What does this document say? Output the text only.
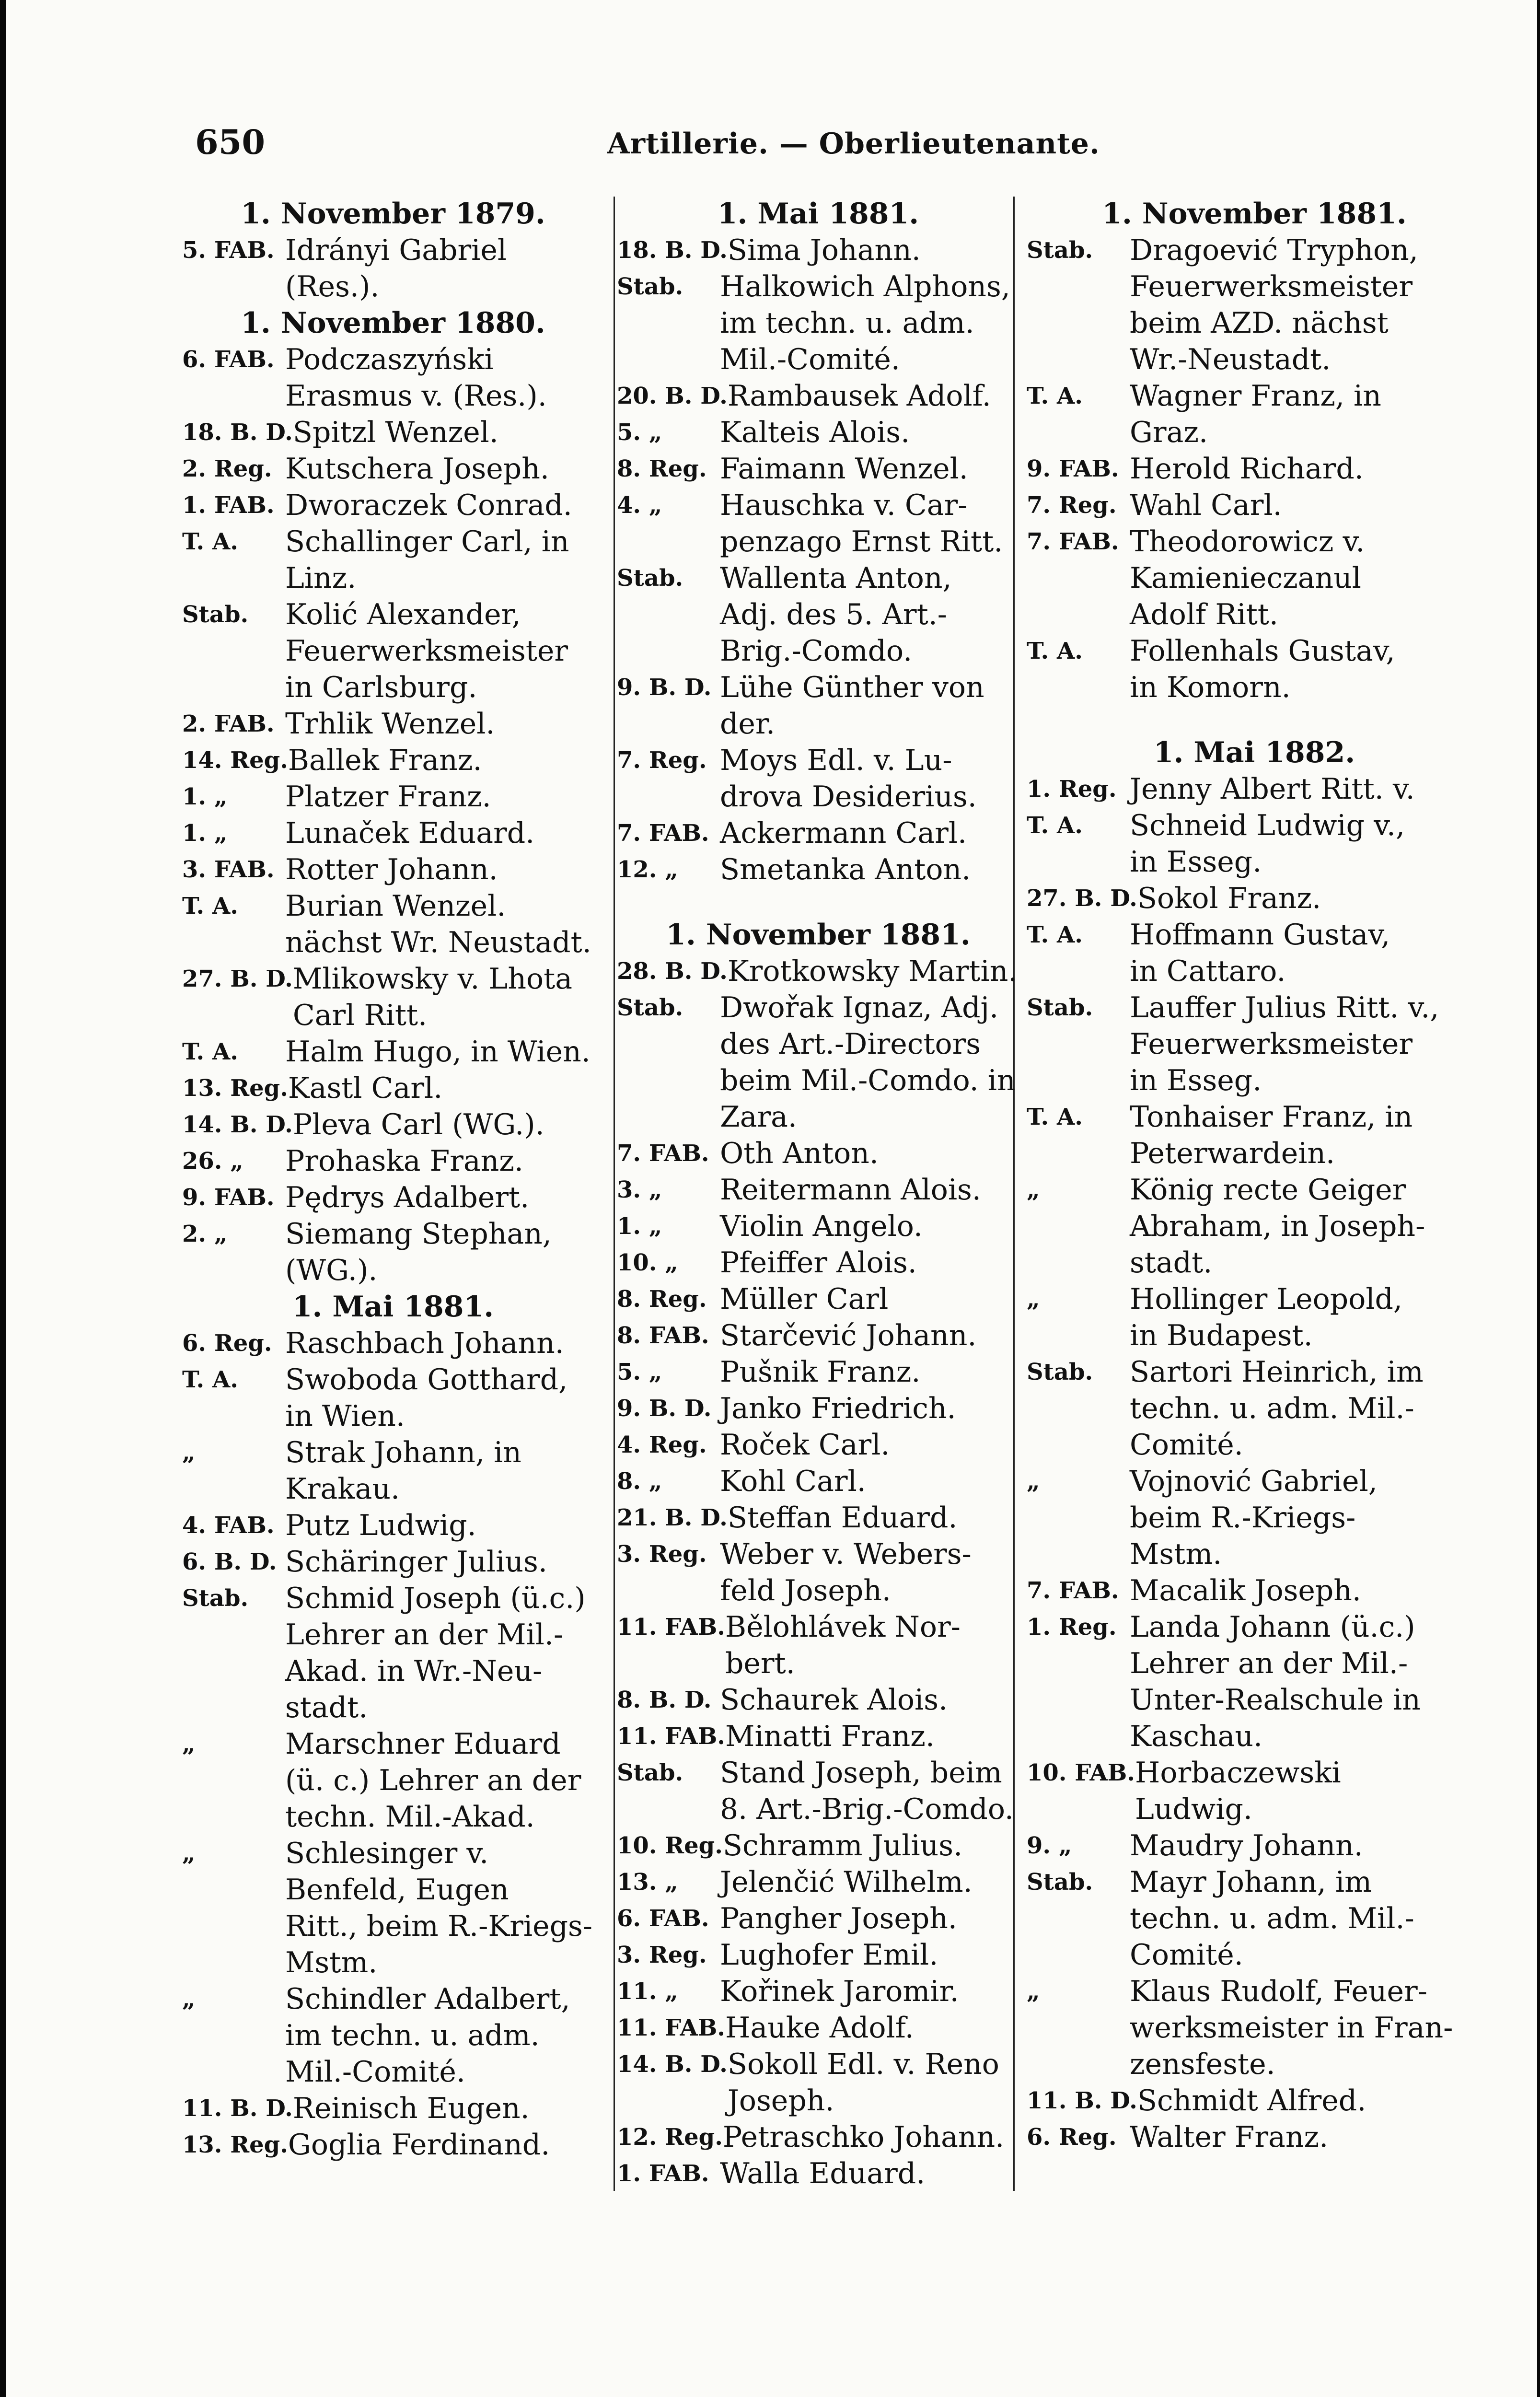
650	Artillerie. — Oberlieutenante.
1. November 1879.
5. FAB. Idrányi Gabriel
(Res.).
1. November 1880.
6. FAB. Podczaszyński
Erasmus v. (Res.).
18. B. D. Spitzl Wenzel.
2. Reg. Kutschera Joseph.
1. FAB. Dworaczek Conrad.
T. A.	Schallinger Carl, in
Linz.
Stab.	Kolić Alexander,
Feuerwerksmeister
in Carlsburg.
2. FAB. Trhlik Wenzel.
14. Reg. Ballek Franz.
1. „	Platzer Franz.
1. „	Lunaček Eduard.
3. FAB. Rotter Johann.
T. A.	Burian Wenzel.
nächst Wr. Neustadt.
27. B. D. Mlikowsky v. Lhota
Carl Ritt.
T. A.	Halm Hugo, in Wien.
13. Reg. Kastl Carl.
14. B. D. Pleva Carl (WG.).
26. „	Prohaska Franz.
9. FAB. Pędrys Adalbert.
2. „	Siemang Stephan,
(WG.).
1. Mai 1881.
6. Reg. Raschbach Johann.
T. A.	Swoboda Gotthard,
in Wien.
„	Strak Johann, in
Krakau.
4. FAB. Putz Ludwig.
6. B. D. Schäringer Julius.
Stab.	Schmid Joseph (ü.c.)
Lehrer an der Mil.-
Akad. in Wr.-Neu-
stadt.
„	Marschner Eduard
(ü. c.) Lehrer an der
techn. Mil.-Akad.
„	Schlesinger v.
Benfeld, Eugen
Ritt., beim R.-Kriegs-
Mstm.
„	Schindler Adalbert,
im techn. u. adm.
Mil.-Comité.
11. B. D. Reinisch Eugen.
13. Reg. Goglia Ferdinand.
1. Mai 1881.
18. B. D. Sima Johann.
Stab.	Halkowich Alphons,
im techn. u. adm.
Mil.-Comité.
20. B. D. Rambausek Adolf.
5. „	Kalteis Alois.
8. Reg. Faimann Wenzel.
4. „	Hauschka v. Car-
penzago Ernst Ritt.
Stab.	Wallenta Anton,
Adj. des 5. Art.-
Brig.-Comdo.
9. B. D. Lühe Günther von
der.
7. Reg. Moys Edl. v. Lu-
drova Desiderius.
7. FAB. Ackermann Carl.
12. „	Smetanka Anton.
1. November 1881.
28. B. D. Krotkowsky Martin.
Stab.	Dwořak Ignaz, Adj.
des Art.-Directors
beim Mil.-Comdo. in
Zara.
7. FAB. Oth Anton.
3. „	Reitermann Alois.
1. „	Violin Angelo.
10. „	Pfeiffer Alois.
8. Reg. Müller Carl
8. FAB. Starčević Johann.
5. „	Pušnik Franz.
9. B. D. Janko Friedrich.
4. Reg. Roček Carl.
8. „	Kohl Carl.
21. B. D. Steffan Eduard.
3. Reg. Weber v. Webers-
feld Joseph.
11. FAB. Bělohlávek Nor-
bert.
8. B. D. Schaurek Alois.
11. FAB. Minatti Franz.
Stab.	Stand Joseph, beim
8. Art.-Brig.-Comdo.
10. Reg. Schramm Julius.
13. „	Jelenčić Wilhelm.
6. FAB. Pangher Joseph.
3. Reg. Lughofer Emil.
11. „	Kořinek Jaromir.
11. FAB. Hauke Adolf.
14. B. D. Sokoll Edl. v. Reno
Joseph.
12. Reg. Petraschko Johann.
1. FAB. Walla Eduard.
1. November 1881.
Stab.	Dragoević Tryphon,
Feuerwerksmeister
beim AZD. nächst
Wr.-Neustadt.
T. A.	Wagner Franz, in
Graz.
9. FAB. Herold Richard.
7. Reg. Wahl Carl.
7. FAB. Theodorowicz v.
Kamienieczanul
Adolf Ritt.
T. A.	Follenhals Gustav,
in Komorn.
1. Mai 1882.
1. Reg. Jenny Albert Ritt. v.
T. A.	Schneid Ludwig v.,
in Esseg.
27. B. D. Sokol Franz.
T. A.	Hoffmann Gustav,
in Cattaro.
Stab.	Lauffer Julius Ritt. v.,
Feuerwerksmeister
in Esseg.
T. A.	Tonhaiser Franz, in
Peterwardein.
„	König recte Geiger
Abraham, in Joseph-
stadt.
„	Hollinger Leopold,
in Budapest.
Stab.	Sartori Heinrich, im
techn. u. adm. Mil.-
Comité.
„	Vojnović Gabriel,
beim R.-Kriegs-
Mstm.
7. FAB. Macalik Joseph.
1. Reg. Landa Johann (ü.c.)
Lehrer an der Mil.-
Unter-Realschule in
Kaschau.
10. FAB. Horbaczewski
Ludwig.
9. „	Maudry Johann.
Stab.	Mayr Johann, im
techn. u. adm. Mil.-
Comité.
„	Klaus Rudolf, Feuer-
werksmeister in Fran-
zensfeste.
11. B. D. Schmidt Alfred.
6. Reg. Walter Franz.
